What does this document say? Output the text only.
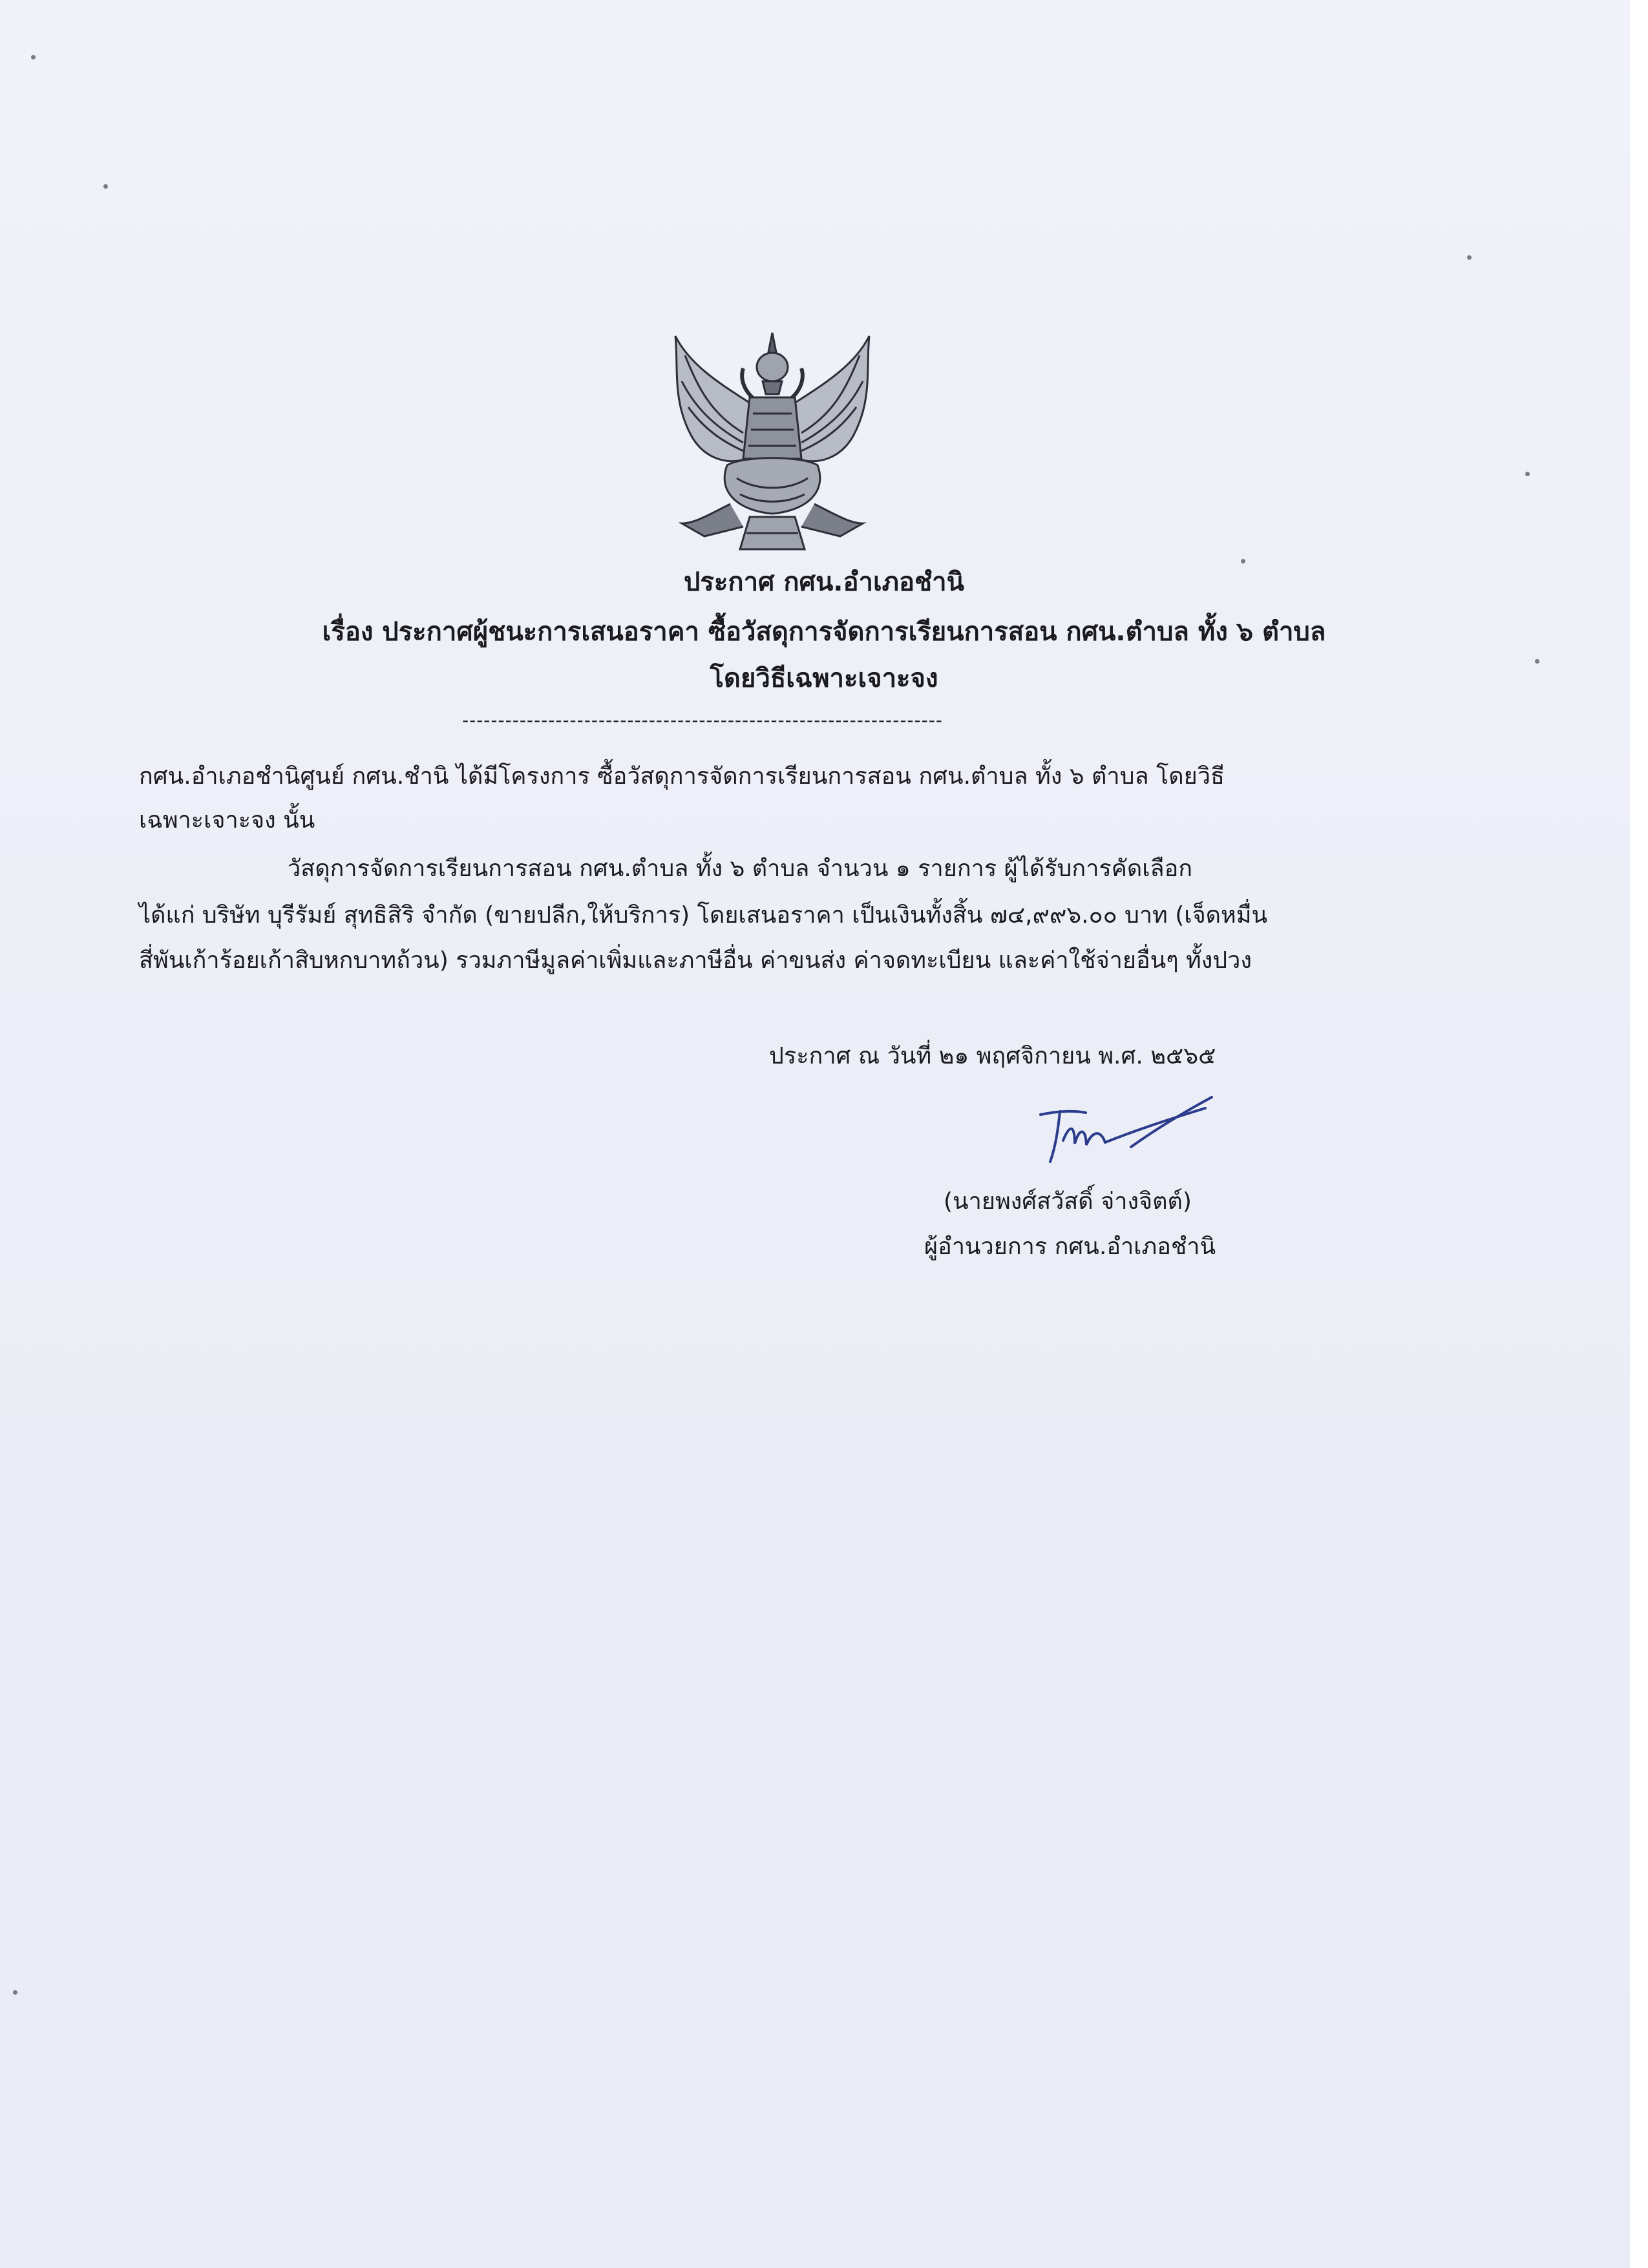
ประกาศ กศน.อำเภอชำนิ
เรื่อง ประกาศผู้ชนะการเสนอราคา ซื้อวัสดุการจัดการเรียนการสอน กศน.ตำบล ทั้ง ๖ ตำบล
โดยวิธีเฉพาะเจาะจง
-------------------------------------------------------------------
กศน.อำเภอชำนิศูนย์ กศน.ชำนิ ได้มีโครงการ ซื้อวัสดุการจัดการเรียนการสอน กศน.ตำบล ทั้ง ๖ ตำบล โดยวิธี
เฉพาะเจาะจง นั้น
วัสดุการจัดการเรียนการสอน กศน.ตำบล ทั้ง ๖ ตำบล จำนวน ๑ รายการ ผู้ได้รับการคัดเลือก
ได้แก่ บริษัท บุรีรัมย์ สุทธิสิริ จำกัด (ขายปลีก,ให้บริการ) โดยเสนอราคา เป็นเงินทั้งสิ้น ๗๔,๙๙๖.๐๐ บาท (เจ็ดหมื่น
สี่พันเก้าร้อยเก้าสิบหกบาทถ้วน) รวมภาษีมูลค่าเพิ่มและภาษีอื่น ค่าขนส่ง ค่าจดทะเบียน และค่าใช้จ่ายอื่นๆ ทั้งปวง
ประกาศ ณ วันที่ ๒๑ พฤศจิกายน พ.ศ. ๒๕๖๕
(นายพงศ์สวัสดิ์ จ่างจิตต์)
ผู้อำนวยการ กศน.อำเภอชำนิ
